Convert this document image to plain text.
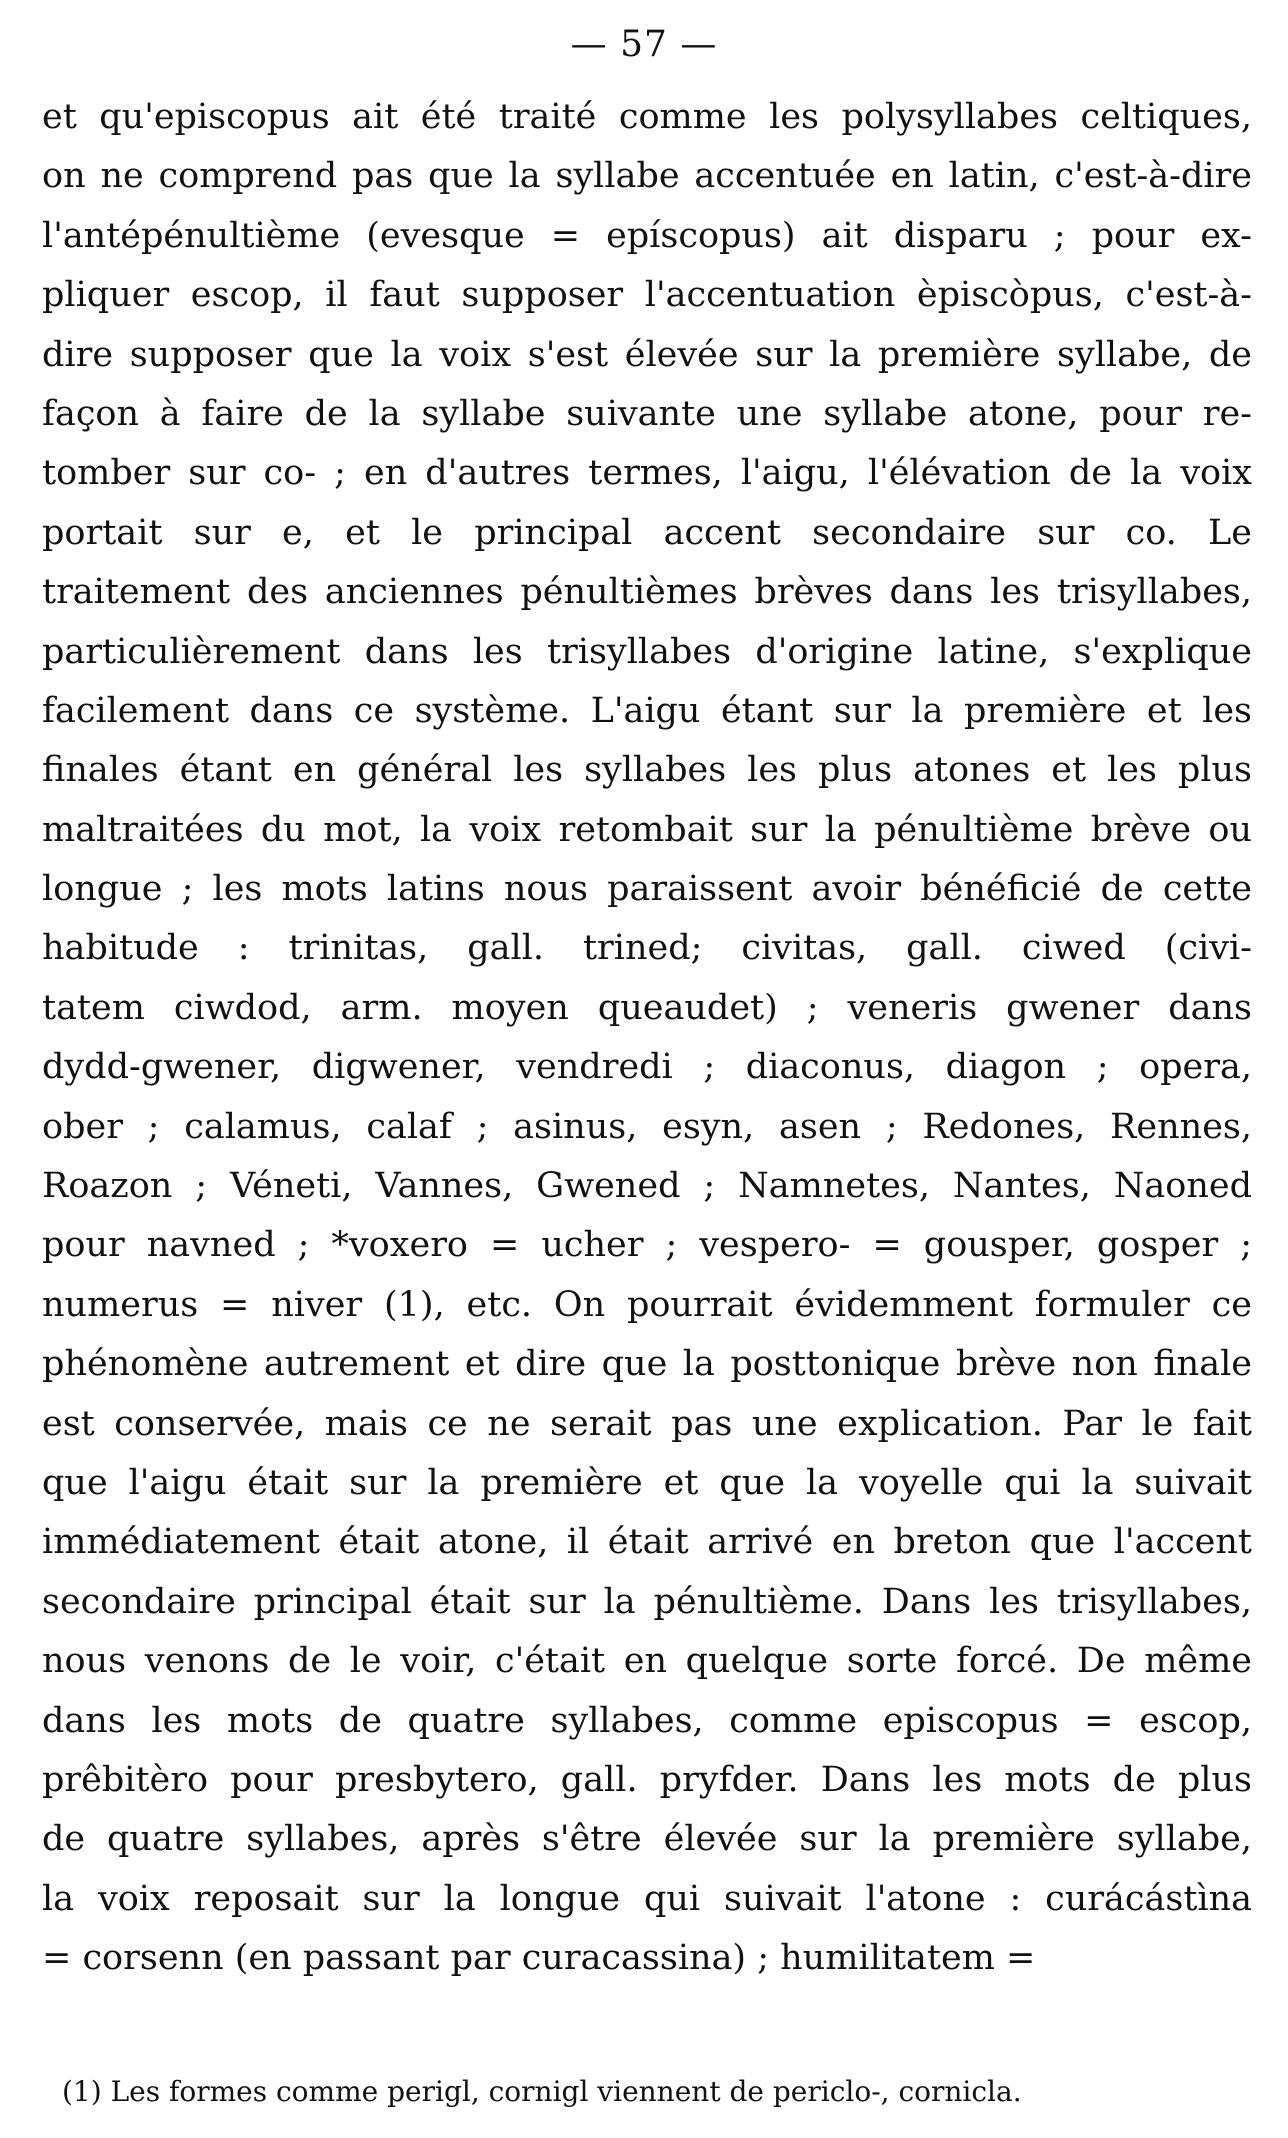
— 57 —
et qu'episcopus ait été traité comme les polysyllabes celtiques,
on ne comprend pas que la syllabe accentuée en latin, c'est-à-dire
l'antépénultième (evesque = epíscopus) ait disparu ; pour ex-
pliquer escop, il faut supposer l'accentuation èpiscòpus, c'est-à-
dire supposer que la voix s'est élevée sur la première syllabe, de
façon à faire de la syllabe suivante une syllabe atone, pour re-
tomber sur co- ; en d'autres termes, l'aigu, l'élévation de la voix
portait sur e, et le principal accent secondaire sur co. Le
traitement des anciennes pénultièmes brèves dans les trisyllabes,
particulièrement dans les trisyllabes d'origine latine, s'explique
facilement dans ce système. L'aigu étant sur la première et les
finales étant en général les syllabes les plus atones et les plus
maltraitées du mot, la voix retombait sur la pénultième brève ou
longue ; les mots latins nous paraissent avoir bénéficié de cette
habitude : trinitas, gall. trined; civitas, gall. ciwed (civi-
tatem ciwdod, arm. moyen queaudet) ; veneris gwener dans
dydd-gwener, digwener, vendredi ; diaconus, diagon ; opera,
ober ; calamus, calaf ; asinus, esyn, asen ; Redones, Rennes,
Roazon ; Véneti, Vannes, Gwened ; Namnetes, Nantes, Naoned
pour navned ; *voxero = ucher ; vespero- = gousper, gosper ;
numerus = niver (1), etc. On pourrait évidemment formuler ce
phénomène autrement et dire que la posttonique brève non finale
est conservée, mais ce ne serait pas une explication. Par le fait
que l'aigu était sur la première et que la voyelle qui la suivait
immédiatement était atone, il était arrivé en breton que l'accent
secondaire principal était sur la pénultième. Dans les trisyllabes,
nous venons de le voir, c'était en quelque sorte forcé. De même
dans les mots de quatre syllabes, comme episcopus = escop,
prêbitèro pour presbytero, gall. pryfder. Dans les mots de plus
de quatre syllabes, après s'être élevée sur la première syllabe,
la voix reposait sur la longue qui suivait l'atone : curácástìna
= corsenn (en passant par curacassina) ; humilitatem =
(1) Les formes comme perigl, cornigl viennent de periclo-, cornicla.
